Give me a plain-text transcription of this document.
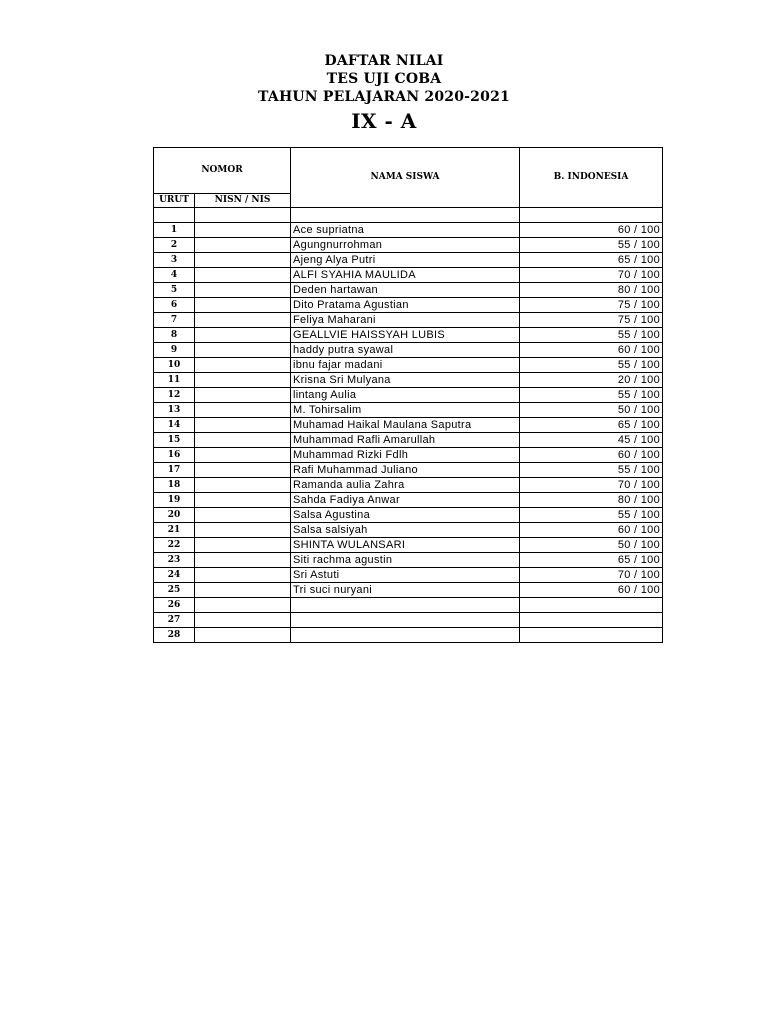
DAFTAR NILAI
TES UJI COBA
TAHUN PELAJARAN 2020-2021
IX - A
NOMOR		NAMA SISWA	B. INDONESIA
URUT	NISN / NIS		

1		Ace supriatna	60 / 100
2		Agungnurrohman	55 / 100
3		Ajeng Alya Putri	65 / 100
4		ALFI SYAHIA MAULIDA	70 / 100
5		Deden hartawan	80 / 100
6		Dito Pratama Agustian	75 / 100
7		Feliya Maharani	75 / 100
8		GEALLVIE HAISSYAH LUBIS	55 / 100
9		haddy putra syawal	60 / 100
10		ibnu fajar madani	55 / 100
11		Krisna Sri Mulyana	20 / 100
12		lintang Aulia	55 / 100
13		M. Tohirsalim	50 / 100
14		Muhamad Haikal Maulana Saputra	65 / 100
15		Muhammad Rafli Amarullah	45 / 100
16		Muhammad Rizki Fdlh	60 / 100
17		Rafi Muhammad Juliano	55 / 100
18		Ramanda aulia Zahra	70 / 100
19		Sahda Fadiya Anwar	80 / 100
20		Salsa Agustina	55 / 100
21		Salsa salsiyah	60 / 100
22		SHINTA WULANSARI	50 / 100
23		Siti rachma agustin	65 / 100
24		Sri Astuti	70 / 100
25		Tri suci nuryani	60 / 100
26			
27			
28			
